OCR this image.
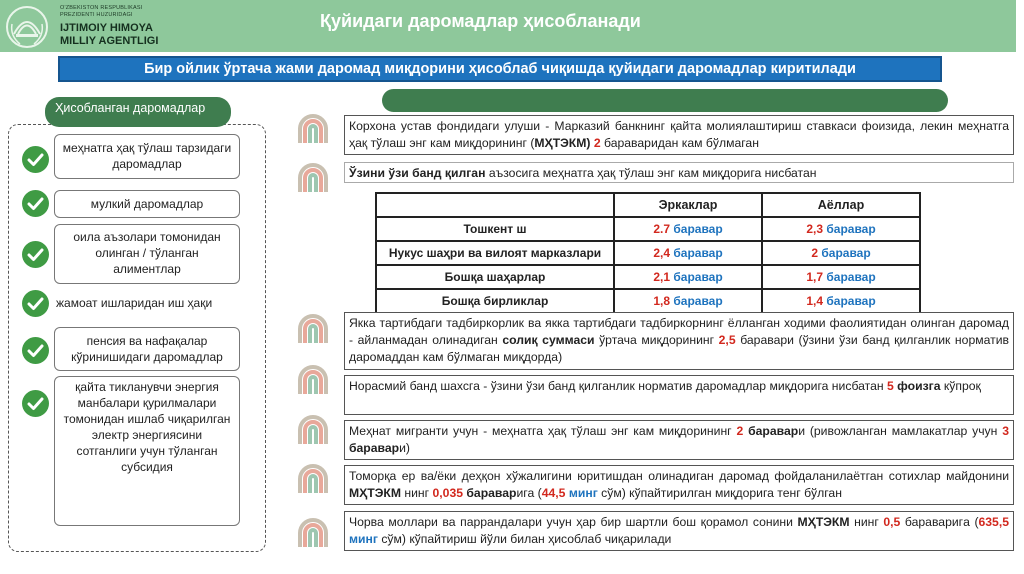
O'ZBEKISTON RESPUBLIKASI
PREZIDENTI HUZURIDAGI
IJTIMOIY HIMOYA
MILLIY AGENTLIGI
Қуйидаги даромадлар ҳисобланади
Бир ойлик ўртача жами даромад миқдорини ҳисоблаб чиқишда қуйидаги даромадлар киритилади
Ҳисобланган даромадлар
меҳнатга ҳақ тўлаш тарзидаги даромадлар
мулкий даромадлар
оила аъзолари томонидан олинган / тўланган алиментлар
жамоат ишларидан иш ҳақи
пенсия ва нафақалар кўринишидаги даромадлар
қайта тикланувчи энергия манбалари қурилмалари томонидан ишлаб чиқарилган электр энергиясини сотганлиги учун тўланган субсидия
Корхона устав фондидаги улуши - Марказий банкнинг қайта молиялаштириш ставкаси фоизида, лекин меҳнатга ҳақ тўлаш энг кам миқдорининг (МҲТЭКМ) 2 бараваридан кам бўлмаган
Ўзини ўзи банд қилган аъзосига меҳнатга ҳақ тўлаш энг кам миқдорига нисбатан
	Эркаклар	Аёллар
Тошкент ш	2.7 баравар	2,3 баравар
Нукус шаҳри ва вилоят марказлари	2,4 баравар	2 баравар
Бошқа шаҳарлар	2,1 баравар	1,7 баравар
Бошқа бирликлар	1,8 баравар	1,4 баравар
Якка тартибдаги тадбиркорлик ва якка тартибдаги тадбиркорнинг ёлланган ходими фаолиятидан олинган даромад - айланмадан олинадиган солиқ суммаси ўртача миқдорининг 2,5 баравари (ўзини ўзи банд қилганлик норматив даромаддан кам бўлмаган миқдорда)
Норасмий банд шахсга - ўзини ўзи банд қилганлик норматив даромадлар миқдорига нисбатан 5 фоизга кўпроқ
Меҳнат мигранти учун - меҳнатга ҳақ тўлаш энг кам миқдорининг 2 баравари (ривожланган мамлакатлар учун 3 баравари)
Томорқа ер ва/ёки деҳқон хўжалигини юритишдан олинадиган даромад фойдаланилаётган сотихлар майдонини МҲТЭКМ нинг 0,035 бараварига (44,5 минг сўм) кўпайтирилган миқдорига тенг бўлган
Чорва моллари ва паррандалари учун ҳар бир шартли бош қорамол сонини МҲТЭКМ нинг 0,5 бараваригa (635,5 минг сўм) кўпайтириш йўли билан ҳисоблаб чиқарилади
